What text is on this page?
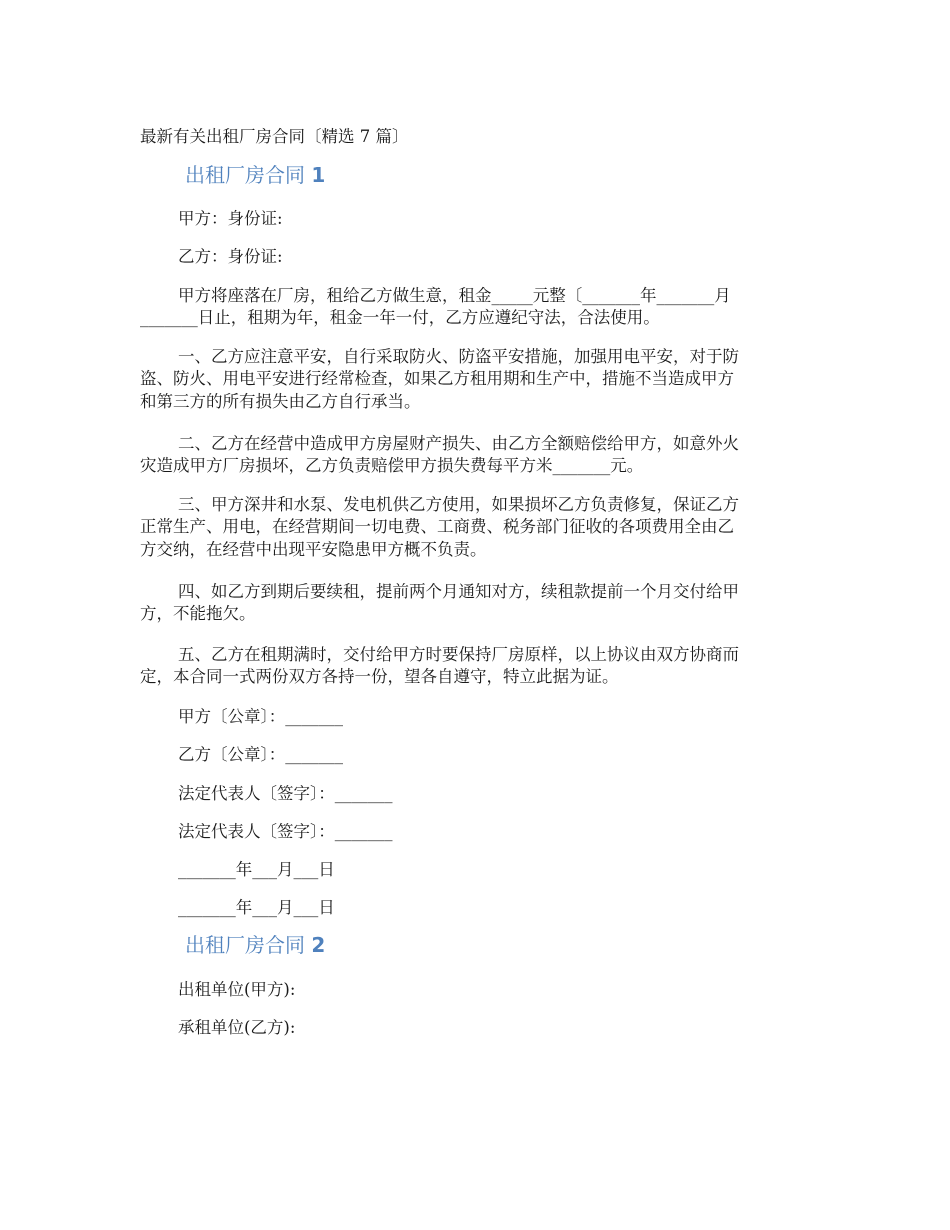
最新有关出租厂房合同〔精选 7 篇〕
出租厂房合同 1
甲方：身份证:
乙方：身份证:
甲方将座落在厂房，租给乙方做生意，租金_____元整〔_______年_______月
_______日止，租期为年，租金一年一付，乙方应遵纪守法，合法使用。
一、乙方应注意平安，自行采取防火、防盗平安措施，加强用电平安，对于防
盗、防火、用电平安进行经常检查，如果乙方租用期和生产中，措施不当造成甲方
和第三方的所有损失由乙方自行承当。
二、乙方在经营中造成甲方房屋财产损失、由乙方全额赔偿给甲方，如意外火
灾造成甲方厂房损坏，乙方负责赔偿甲方损失费每平方米_______元。
三、甲方深井和水泵、发电机供乙方使用，如果损坏乙方负责修复，保证乙方
正常生产、用电，在经营期间一切电费、工商费、税务部门征收的各项费用全由乙
方交纳，在经营中出现平安隐患甲方概不负责。
四、如乙方到期后要续租，提前两个月通知对方，续租款提前一个月交付给甲
方，不能拖欠。
五、乙方在租期满时，交付给甲方时要保持厂房原样，以上协议由双方协商而
定，本合同一式两份双方各持一份，望各自遵守，特立此据为证。
甲方〔公章〕：_______
乙方〔公章〕：_______
法定代表人〔签字〕：_______
法定代表人〔签字〕：_______
_______年___月___日
_______年___月___日
出租厂房合同 2
出租单位(甲方):
承租单位(乙方):
